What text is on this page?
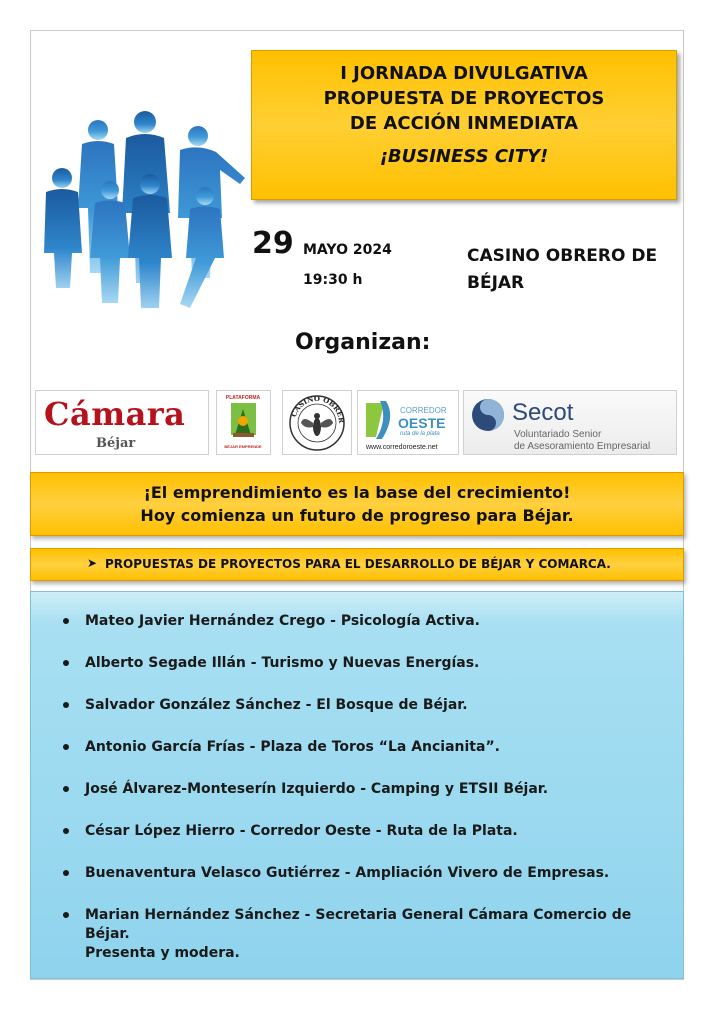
I JORNADA DIVULGATIVA
PROPUESTA DE PROYECTOS
DE ACCIÓN INMEDIATA
¡BUSINESS CITY!
29 MAYO 2024
19:30 h
CASINO OBRERO DE
BÉJAR
Organizan:
Cámara
Béjar
PLATAFORMA
BÉJAR EMPRENDE
CASINO OBRER
CORREDOR
OESTE
ruta de la plata
www.corredoroeste.net
Secot
Voluntariado Senior
de Asesoramiento Empresarial
¡El emprendimiento es la base del crecimiento!
Hoy comienza un futuro de progreso para Béjar.
➤ PROPUESTAS DE PROYECTOS PARA EL DESARROLLO DE BÉJAR Y COMARCA.
Mateo Javier Hernández Crego - Psicología Activa.
Alberto Segade Illán - Turismo y Nuevas Energías.
Salvador González Sánchez - El Bosque de Béjar.
Antonio García Frías - Plaza de Toros “La Ancianita”.
José Álvarez-Monteserín Izquierdo - Camping y ETSII Béjar.
César López Hierro - Corredor Oeste - Ruta de la Plata.
Buenaventura Velasco Gutiérrez - Ampliación Vivero de Empresas.
Marian Hernández Sánchez - Secretaria General Cámara Comercio de Béjar.
Presenta y modera.
